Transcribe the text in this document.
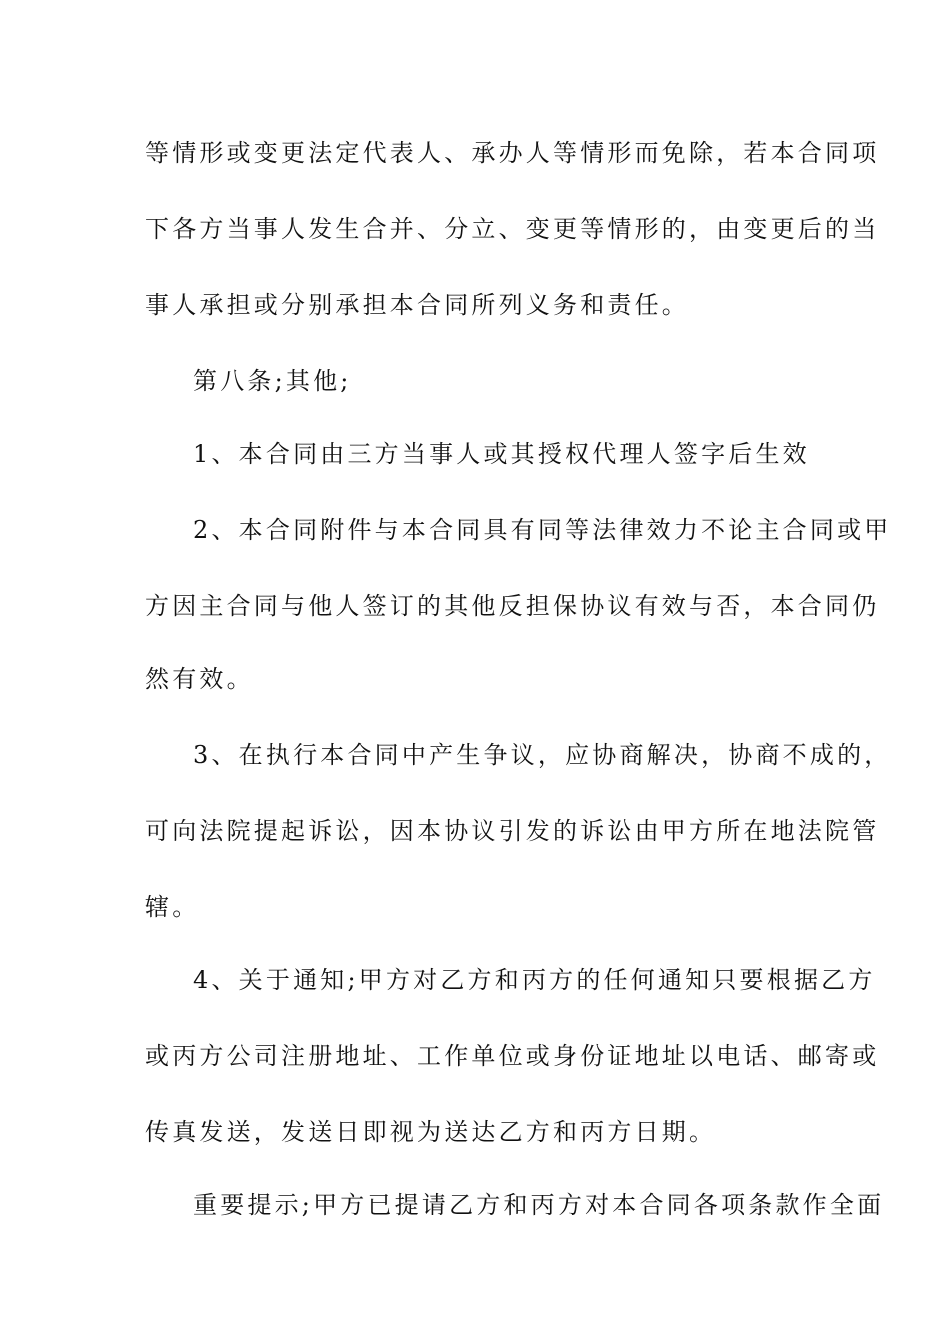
等情形或变更法定代表人、承办人等情形而免除，若本合同项
下各方当事人发生合并、分立、变更等情形的，由变更后的当
事人承担或分别承担本合同所列义务和责任。
第八条;其他;
1、本合同由三方当事人或其授权代理人签字后生效
2、本合同附件与本合同具有同等法律效力不论主合同或甲
方因主合同与他人签订的其他反担保协议有效与否，本合同仍
然有效。
3、在执行本合同中产生争议，应协商解决，协商不成的，
可向法院提起诉讼，因本协议引发的诉讼由甲方所在地法院管
辖。
4、关于通知;甲方对乙方和丙方的任何通知只要根据乙方
或丙方公司注册地址、工作单位或身份证地址以电话、邮寄或
传真发送，发送日即视为送达乙方和丙方日期。
重要提示;甲方已提请乙方和丙方对本合同各项条款作全面
